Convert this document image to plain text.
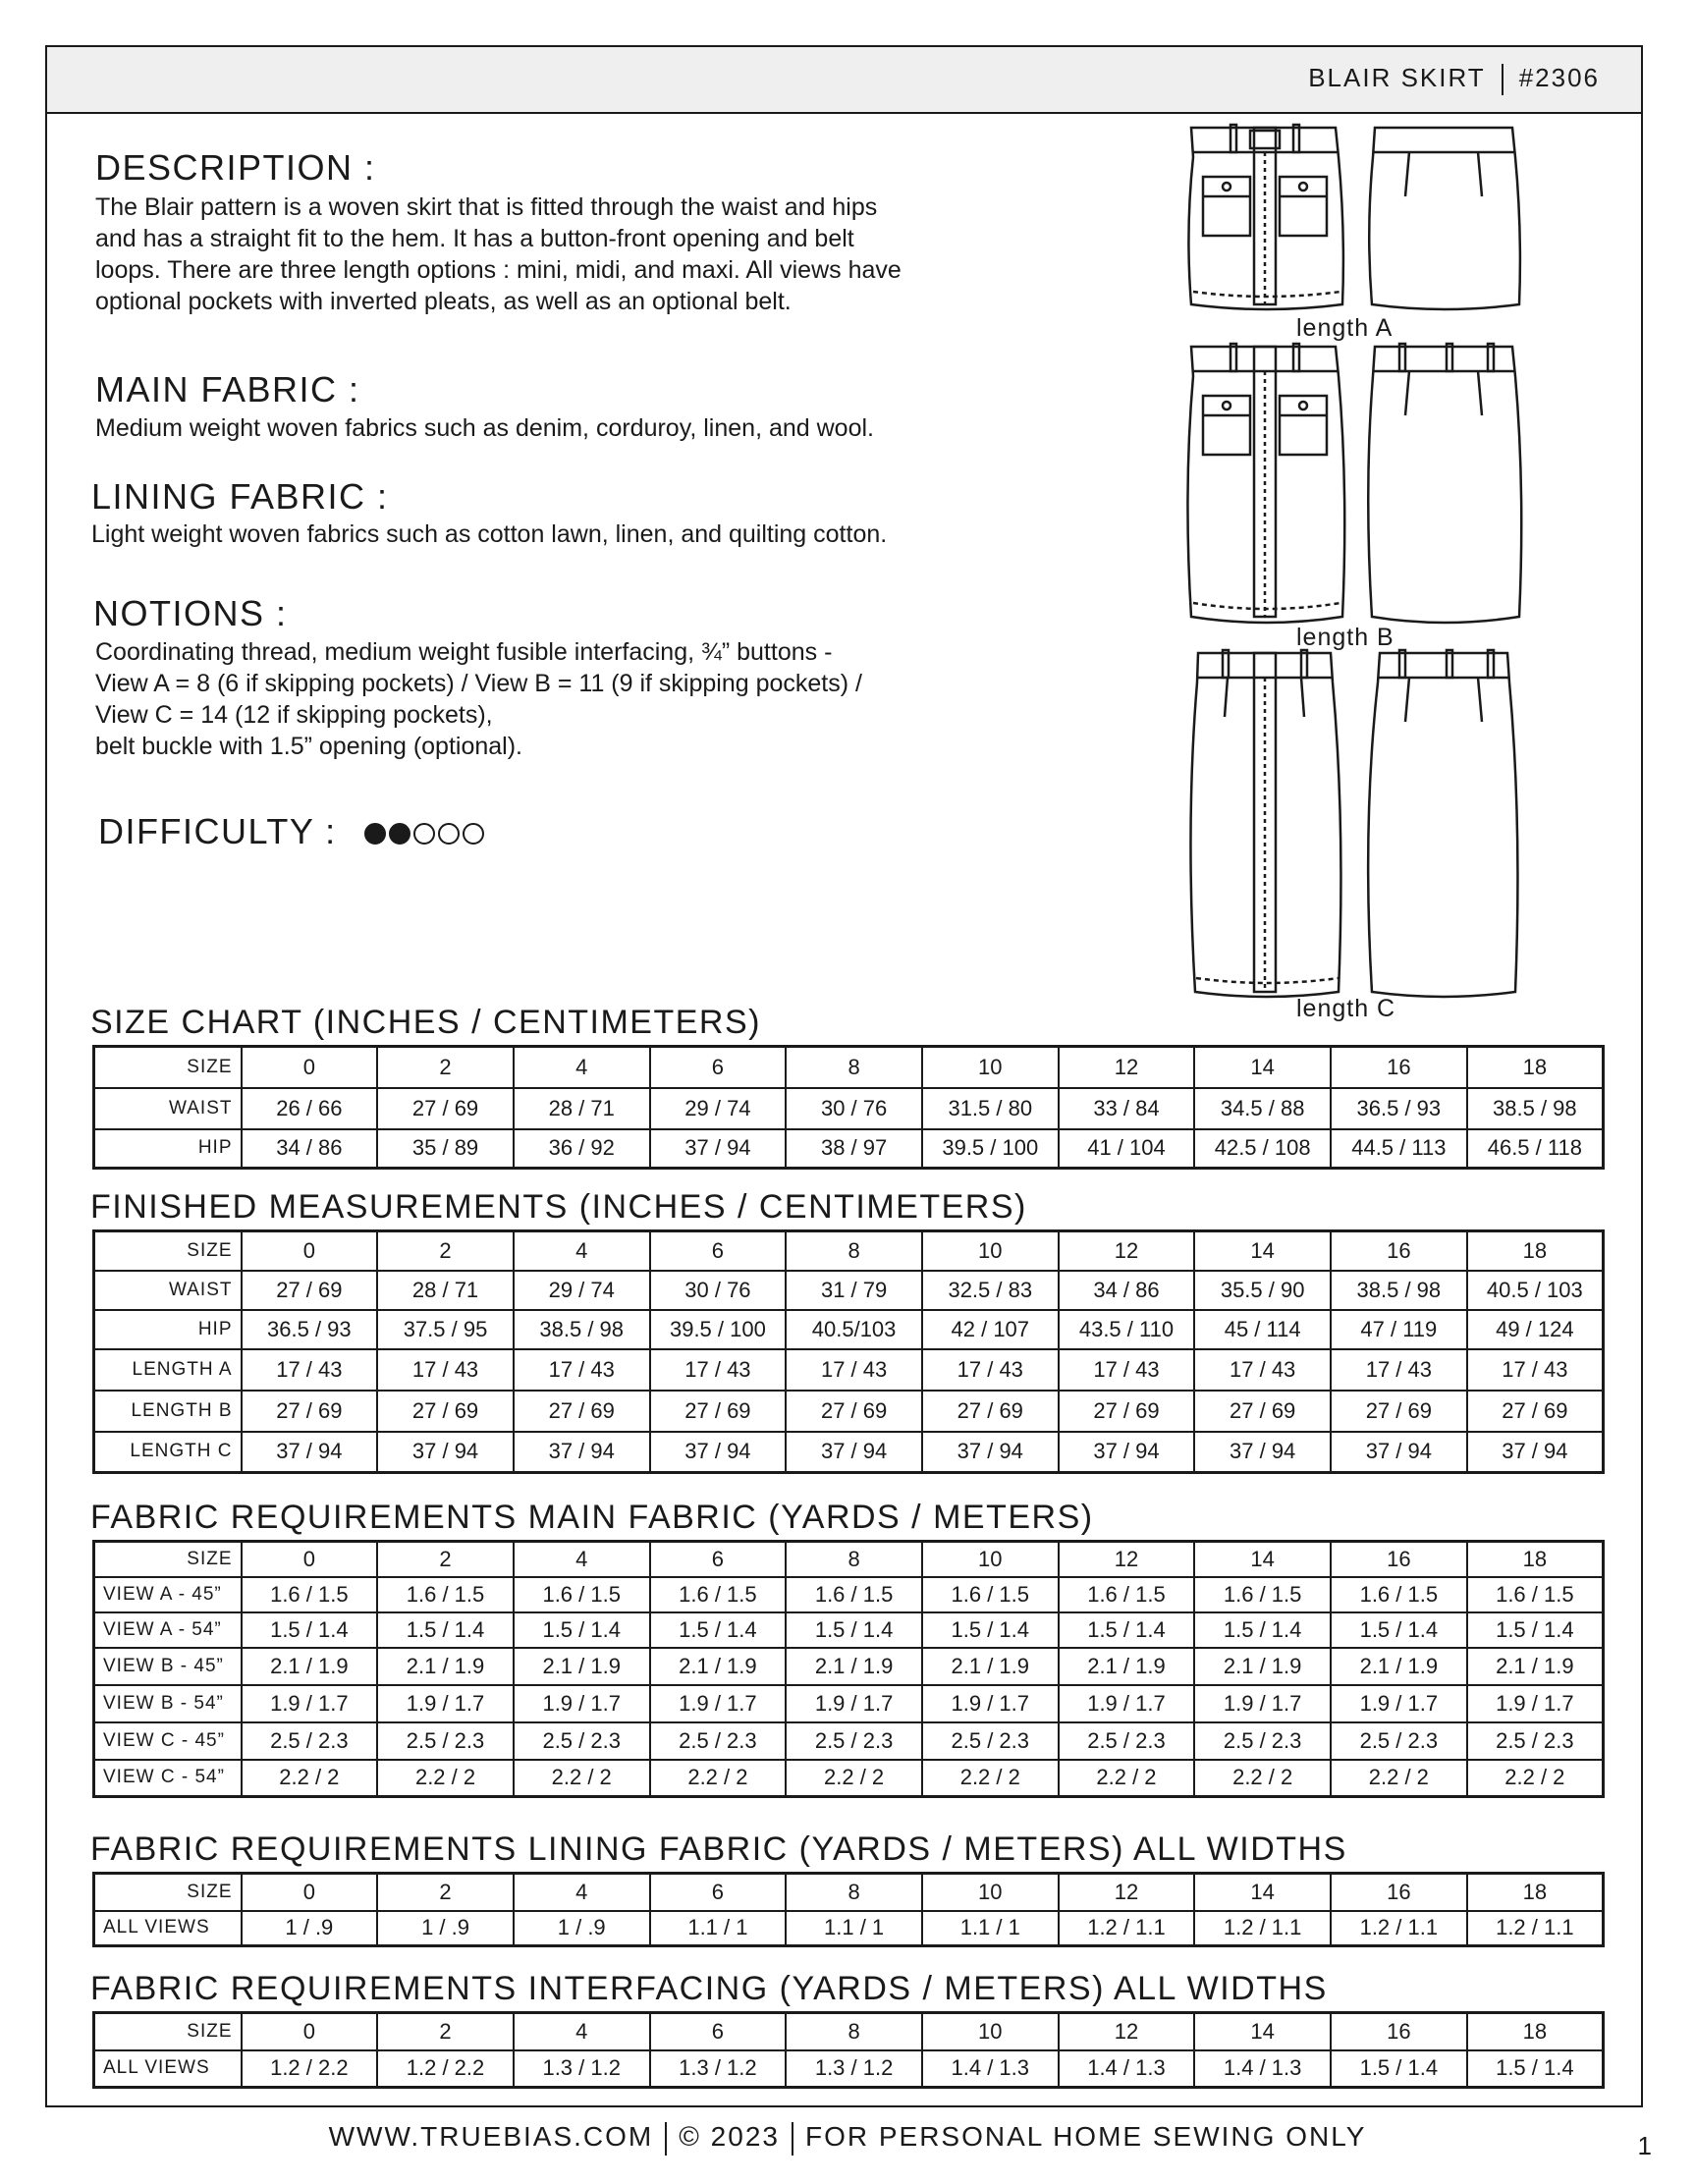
BLAIR SKIRT #2306
DESCRIPTION :
The Blair pattern is a woven skirt that is fitted through the waist and hips
and has a straight fit to the hem. It has a button-front opening and belt
loops. There are three length options : mini, midi, and maxi. All views have
optional pockets with inverted pleats, as well as an optional belt.
MAIN FABRIC :
Medium weight woven fabrics such as denim, corduroy, linen, and wool.
LINING FABRIC :
Light weight woven fabrics such as cotton lawn, linen, and quilting cotton.
NOTIONS :
Coordinating thread, medium weight fusible interfacing, ¾” buttons -
View A = 8 (6 if skipping pockets) / View B = 11 (9 if skipping pockets) /
View C = 14 (12 if skipping pockets),
belt buckle with 1.5” opening (optional).
DIFFICULTY :
length A
length B
length C
SIZE CHART (INCHES / CENTIMETERS)
SIZE	0	2	4	6	8	10	12	14	16	18
WAIST	26 / 66	27 / 69	28 / 71	29 / 74	30 / 76	31.5 / 80	33 / 84	34.5 / 88	36.5 / 93	38.5 / 98
HIP	34 / 86	35 / 89	36 / 92	37 / 94	38 / 97	39.5 / 100	41 / 104	42.5 / 108	44.5 / 113	46.5 / 118
FINISHED MEASUREMENTS (INCHES / CENTIMETERS)
SIZE	0	2	4	6	8	10	12	14	16	18
WAIST	27 / 69	28 / 71	29 / 74	30 / 76	31 / 79	32.5 / 83	34 / 86	35.5 / 90	38.5 / 98	40.5 / 103
HIP	36.5 / 93	37.5 / 95	38.5 / 98	39.5 / 100	40.5/103	42 / 107	43.5 / 110	45 / 114	47 / 119	49 / 124
LENGTH A	17 / 43	17 / 43	17 / 43	17 / 43	17 / 43	17 / 43	17 / 43	17 / 43	17 / 43	17 / 43
LENGTH B	27 / 69	27 / 69	27 / 69	27 / 69	27 / 69	27 / 69	27 / 69	27 / 69	27 / 69	27 / 69
LENGTH C	37 / 94	37 / 94	37 / 94	37 / 94	37 / 94	37 / 94	37 / 94	37 / 94	37 / 94	37 / 94
FABRIC REQUIREMENTS MAIN FABRIC (YARDS / METERS)
SIZE	0	2	4	6	8	10	12	14	16	18
VIEW A - 45”	1.6 / 1.5	1.6 / 1.5	1.6 / 1.5	1.6 / 1.5	1.6 / 1.5	1.6 / 1.5	1.6 / 1.5	1.6 / 1.5	1.6 / 1.5	1.6 / 1.5
VIEW A - 54”	1.5 / 1.4	1.5 / 1.4	1.5 / 1.4	1.5 / 1.4	1.5 / 1.4	1.5 / 1.4	1.5 / 1.4	1.5 / 1.4	1.5 / 1.4	1.5 / 1.4
VIEW B - 45”	2.1 / 1.9	2.1 / 1.9	2.1 / 1.9	2.1 / 1.9	2.1 / 1.9	2.1 / 1.9	2.1 / 1.9	2.1 / 1.9	2.1 / 1.9	2.1 / 1.9
VIEW B - 54”	1.9 / 1.7	1.9 / 1.7	1.9 / 1.7	1.9 / 1.7	1.9 / 1.7	1.9 / 1.7	1.9 / 1.7	1.9 / 1.7	1.9 / 1.7	1.9 / 1.7
VIEW C - 45”	2.5 / 2.3	2.5 / 2.3	2.5 / 2.3	2.5 / 2.3	2.5 / 2.3	2.5 / 2.3	2.5 / 2.3	2.5 / 2.3	2.5 / 2.3	2.5 / 2.3
VIEW C - 54”	2.2 / 2	2.2 / 2	2.2 / 2	2.2 / 2	2.2 / 2	2.2 / 2	2.2 / 2	2.2 / 2	2.2 / 2	2.2 / 2
FABRIC REQUIREMENTS LINING FABRIC (YARDS / METERS) ALL WIDTHS
SIZE	0	2	4	6	8	10	12	14	16	18
ALL VIEWS	1 / .9	1 / .9	1 / .9	1.1 / 1	1.1 / 1	1.1 / 1	1.2 / 1.1	1.2 / 1.1	1.2 / 1.1	1.2 / 1.1
FABRIC REQUIREMENTS INTERFACING (YARDS / METERS) ALL WIDTHS
SIZE	0	2	4	6	8	10	12	14	16	18
ALL VIEWS	1.2 / 2.2	1.2 / 2.2	1.3 / 1.2	1.3 / 1.2	1.3 / 1.2	1.4 / 1.3	1.4 / 1.3	1.4 / 1.3	1.5 / 1.4	1.5 / 1.4
WWW.TRUEBIAS.COM © 2023 FOR PERSONAL HOME SEWING ONLY	1
